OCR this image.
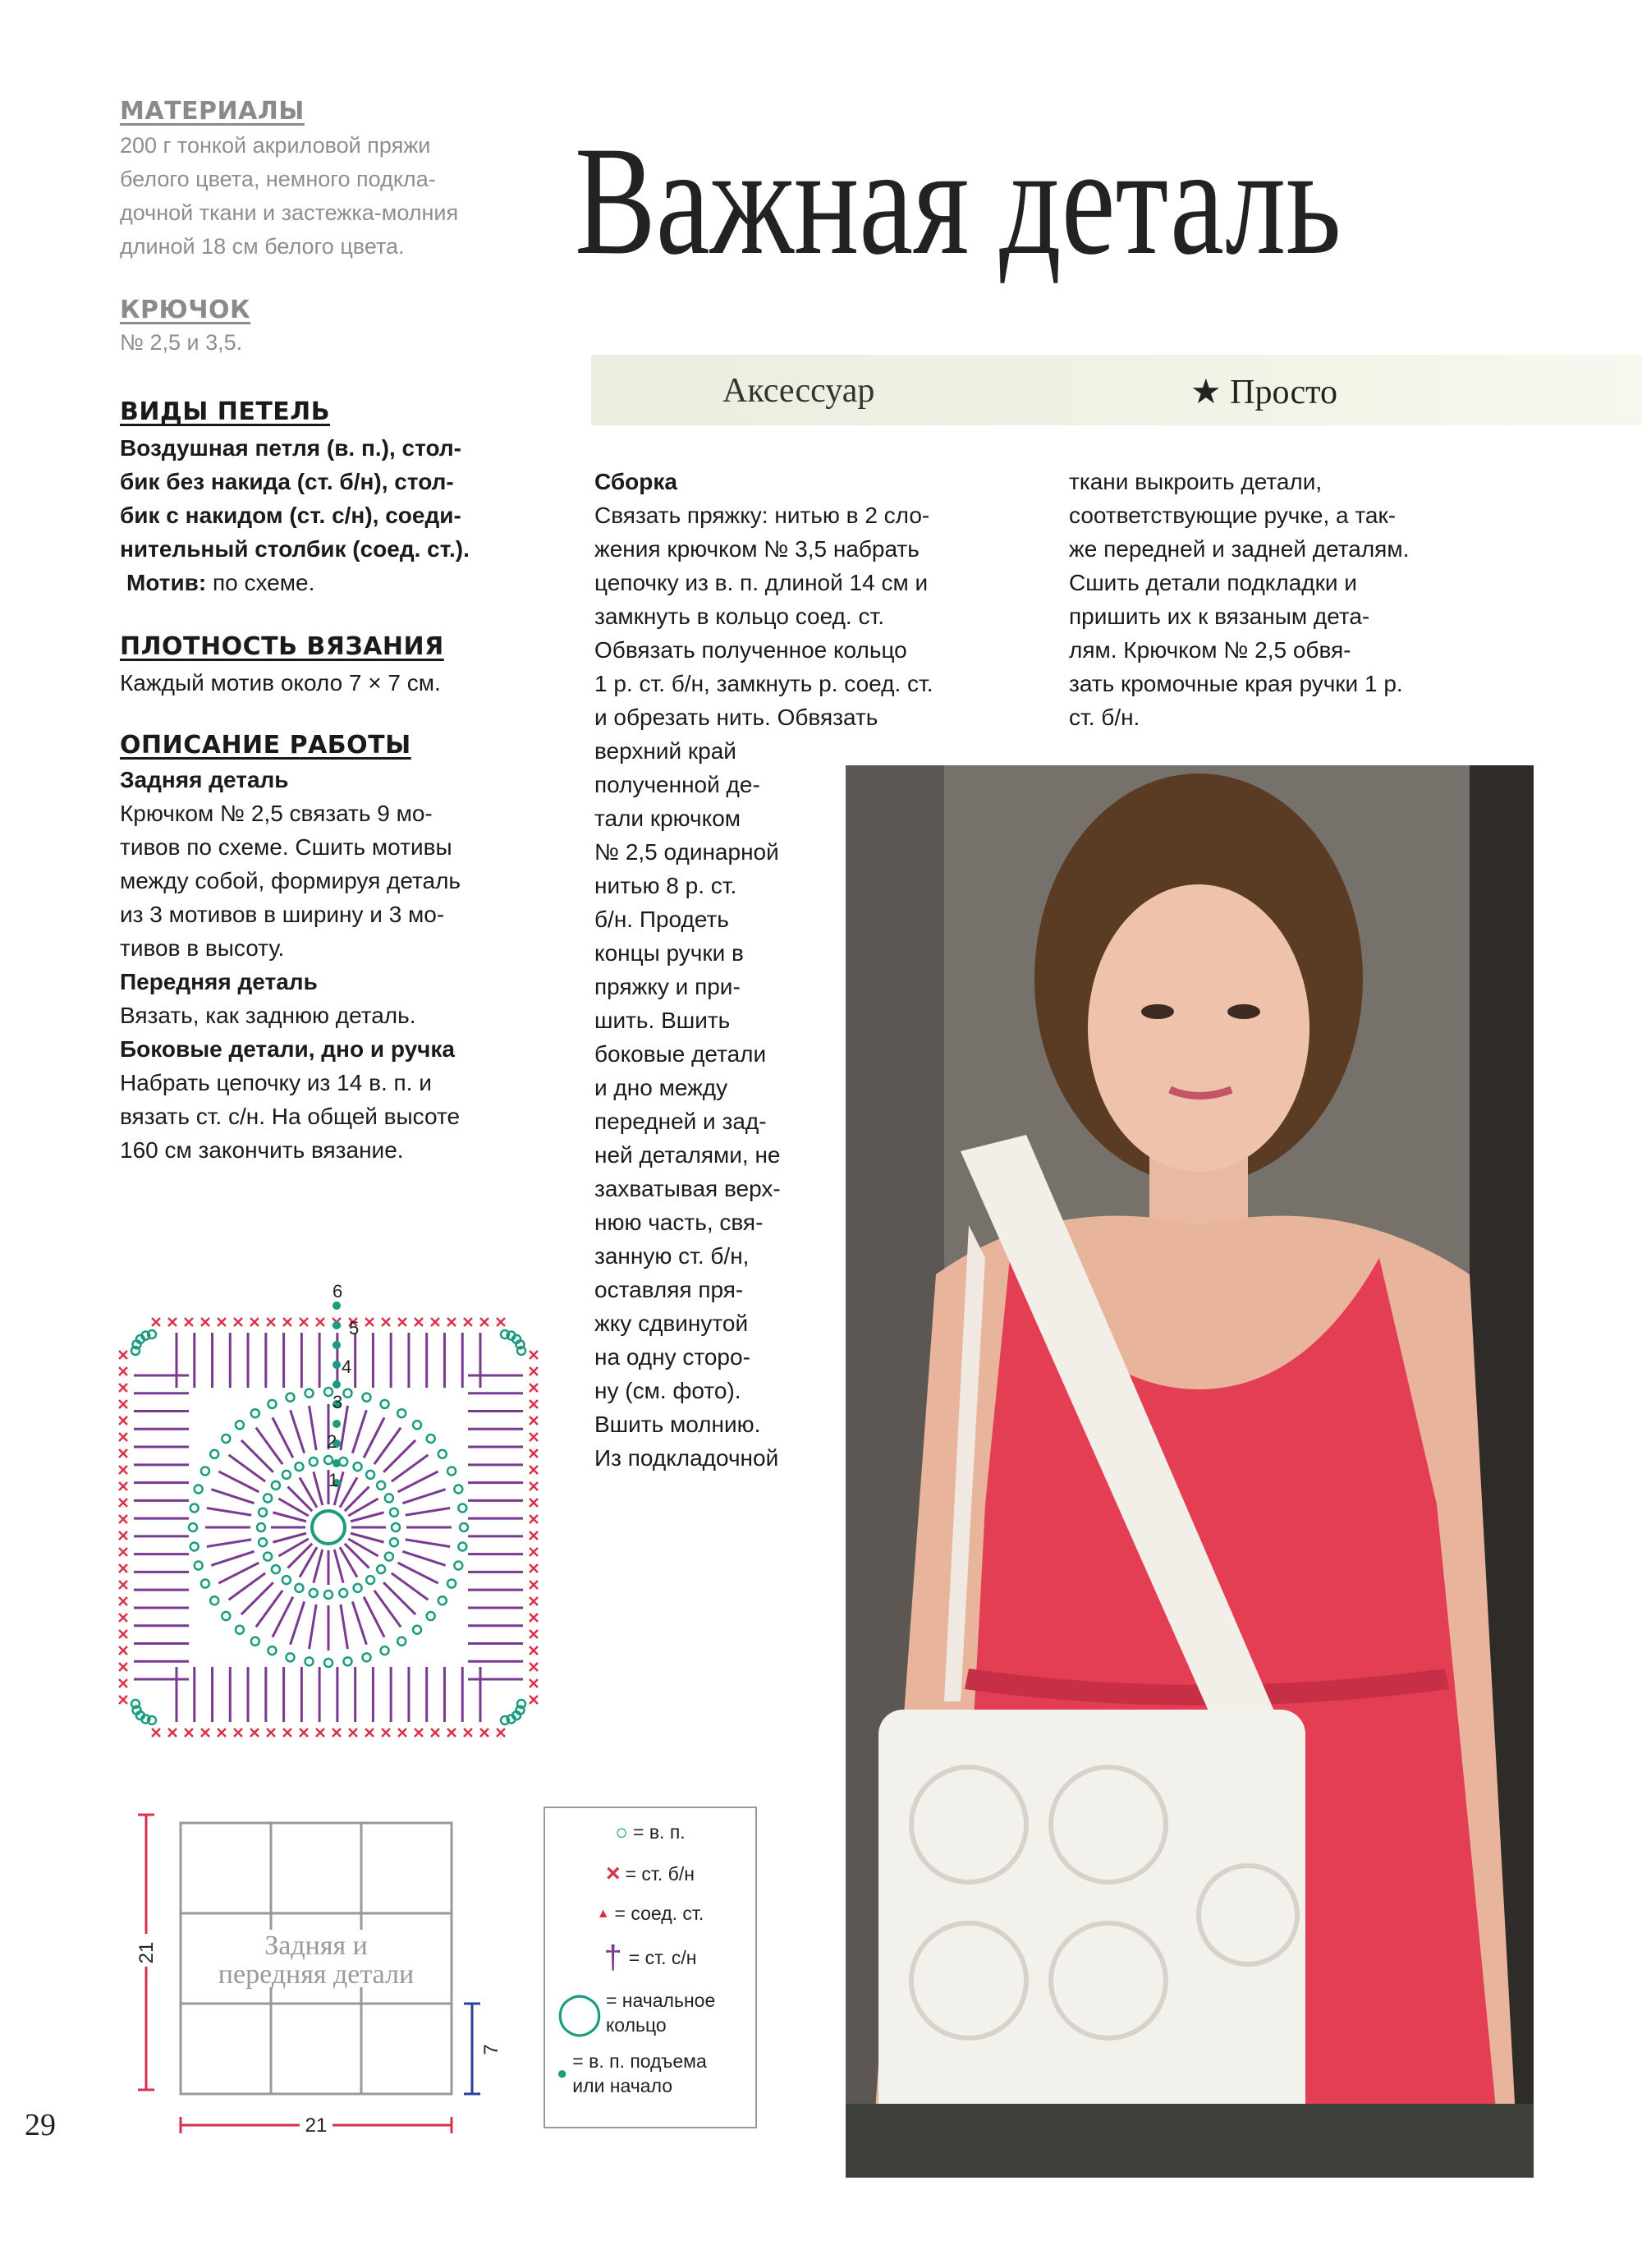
МАТЕРИАЛЫ
200 г тонкой акриловой пряжи
белого цвета, немного подкла-
дочной ткани и застежка-молния
длиной 18 см белого цвета.
КРЮЧОК
№ 2,5 и 3,5.
ВИДЫ ПЕТЕЛЬ
Воздушная петля (в. п.), стол-
бик без накида (ст. б/н), стол-
бик с накидом (ст. с/н), соеди-
нительный столбик (соед. ст.).
Мотив: по схеме.
ПЛОТНОСТЬ ВЯЗАНИЯ
Каждый мотив около 7 × 7 см.
ОПИСАНИЕ РАБОТЫ
Задняя деталь
Крючком № 2,5 связать 9 мо-
тивов по схеме. Сшить мотивы
между собой, формируя деталь
из 3 мотивов в ширину и 3 мо-
тивов в высоту.
Передняя деталь
Вязать, как заднюю деталь.
Боковые детали, дно и ручка
Набрать цепочку из 14 в. п. и
вязать ст. с/н. На общей высоте
160 см закончить вязание.
Важная деталь
Аксессуар	★ Просто
Сборка
Связать пряжку: нитью в 2 сло-
жения крючком № 3,5 набрать
цепочку из в. п. длиной 14 см и
замкнуть в кольцо соед. ст.
Обвязать полученное кольцо
1 р. ст. б/н, замкнуть р. соед. ст.
и обрезать нить. Обвязать
верхний край
полученной де-
тали крючком
№ 2,5 одинарной
нитью 8 р. ст.
б/н. Продеть
концы ручки в
пряжку и при-
шить. Вшить
боковые детали
и дно между
передней и зад-
ней деталями, не
захватывая верх-
нюю часть, свя-
занную ст. б/н,
оставляя пря-
жку сдвинутой
на одну сторо-
ну (см. фото).
Вшить молнию.
Из подкладочной
ткани выкроить детали,
соответствующие ручке, а так-
же передней и задней деталям.
Сшить детали подкладки и
пришить их к вязаным дета-
лям. Крючком № 2,5 обвя-
зать кромочные края ручки 1 р.
ст. б/н.
6
5
4
3
2
1
Задняя и
передняя детали
21
21
7
○ = в. п.
× = ст. б/н
▲ = соед. ст.
† = ст. с/н
◯ = начальное кольцо
●
= в. п. подъема или начало
29
